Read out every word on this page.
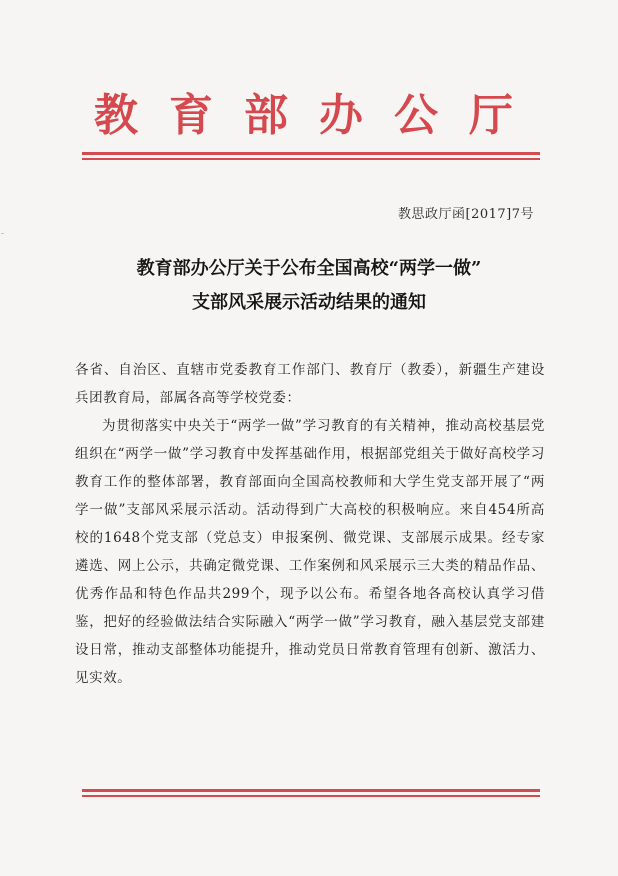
教育部办公厅
教思政厅函[2017]7号
教育部办公厅关于公布全国高校“两学一做”
支部风采展示活动结果的通知

各省、自治区、直辖市党委教育工作部门、教育厅（教委），新疆生产建设兵团教育局，部属各高等学校党委：

为贯彻落实中央关于“两学一做”学习教育的有关精神，推动高校基层党组织在“两学一做”学习教育中发挥基础作用，根据部党组关于做好高校学习教育工作的整体部署，教育部面向全国高校教师和大学生党支部开展了“两学一做”支部风采展示活动。活动得到广大高校的积极响应。来自454所高校的1648个党支部（党总支）申报案例、微党课、支部展示成果。经专家遴选、网上公示，共确定微党课、工作案例和风采展示三大类的精品作品、优秀作品和特色作品共299个，现予以公布。希望各地各高校认真学习借鉴，把好的经验做法结合实际融入“两学一做”学习教育，融入基层党支部建设日常，推动支部整体功能提升，推动党员日常教育管理有创新、激活力、见实效。
